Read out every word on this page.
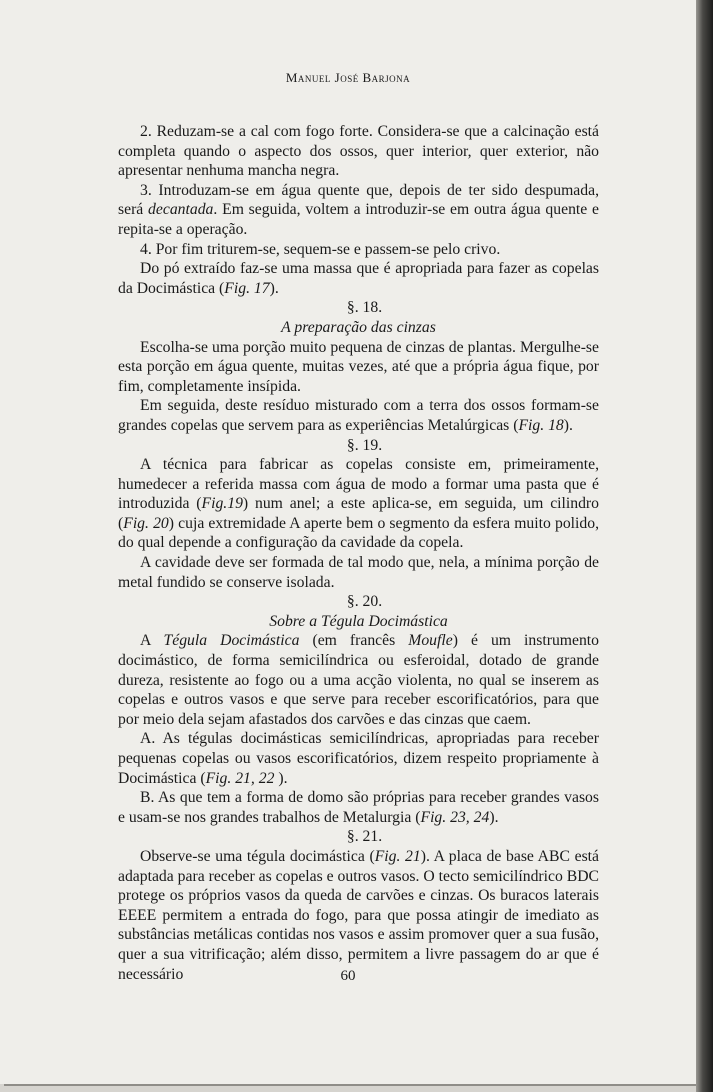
Manuel José Barjona

2. Reduzam-se a cal com fogo forte. Considera-se que a calcinação está completa quando o aspecto dos ossos, quer interior, quer exterior, não apresentar nenhuma mancha negra.

3. Introduzam-se em água quente que, depois de ter sido despumada, será decantada. Em seguida, voltem a introduzir-se em outra água quente e repita-se a operação.

4. Por fim triturem-se, sequem-se e passem-se pelo crivo.

Do pó extraído faz-se uma massa que é apropriada para fazer as copelas da Docimástica (Fig. 17).

§. 18.

A preparação das cinzas

Escolha-se uma porção muito pequena de cinzas de plantas. Mergulhe-se esta porção em água quente, muitas vezes, até que a própria água fique, por fim, completamente insípida.

Em seguida, deste resíduo misturado com a terra dos ossos formam-se grandes copelas que servem para as experiências Metalúrgicas (Fig. 18).

§. 19.

A técnica para fabricar as copelas consiste em, primeiramente, humedecer a referida massa com água de modo a formar uma pasta que é introduzida (Fig.19) num anel; a este aplica-se, em seguida, um cilindro (Fig. 20) cuja extremidade A aperte bem o segmento da esfera muito polido, do qual depende a configuração da cavidade da copela.

A cavidade deve ser formada de tal modo que, nela, a mínima porção de metal fundido se conserve isolada.

§. 20.

Sobre a Tégula Docimástica

A Tégula Docimástica (em francês Moufle) é um instrumento docimástico, de forma semicilíndrica ou esferoidal, dotado de grande dureza, resistente ao fogo ou a uma acção violenta, no qual se inserem as copelas e outros vasos e que serve para receber escorificatórios, para que por meio dela sejam afastados dos carvões e das cinzas que caem.

A. As tégulas docimásticas semicilíndricas, apropriadas para receber pequenas copelas ou vasos escorificatórios, dizem respeito propriamente à Docimástica (Fig. 21, 22 ).

B. As que tem a forma de domo são próprias para receber grandes vasos e usam-se nos grandes trabalhos de Metalurgia (Fig. 23, 24).

§. 21.

Observe-se uma tégula docimástica (Fig. 21). A placa de base ABC está adaptada para receber as copelas e outros vasos. O tecto semicilíndrico BDC protege os próprios vasos da queda de carvões e cinzas. Os buracos laterais EEEE permitem a entrada do fogo, para que possa atingir de imediato as substâncias metálicas contidas nos vasos e assim promover quer a sua fusão, quer a sua vitrificação; além disso, permitem a livre passagem do ar que é necessário	60
